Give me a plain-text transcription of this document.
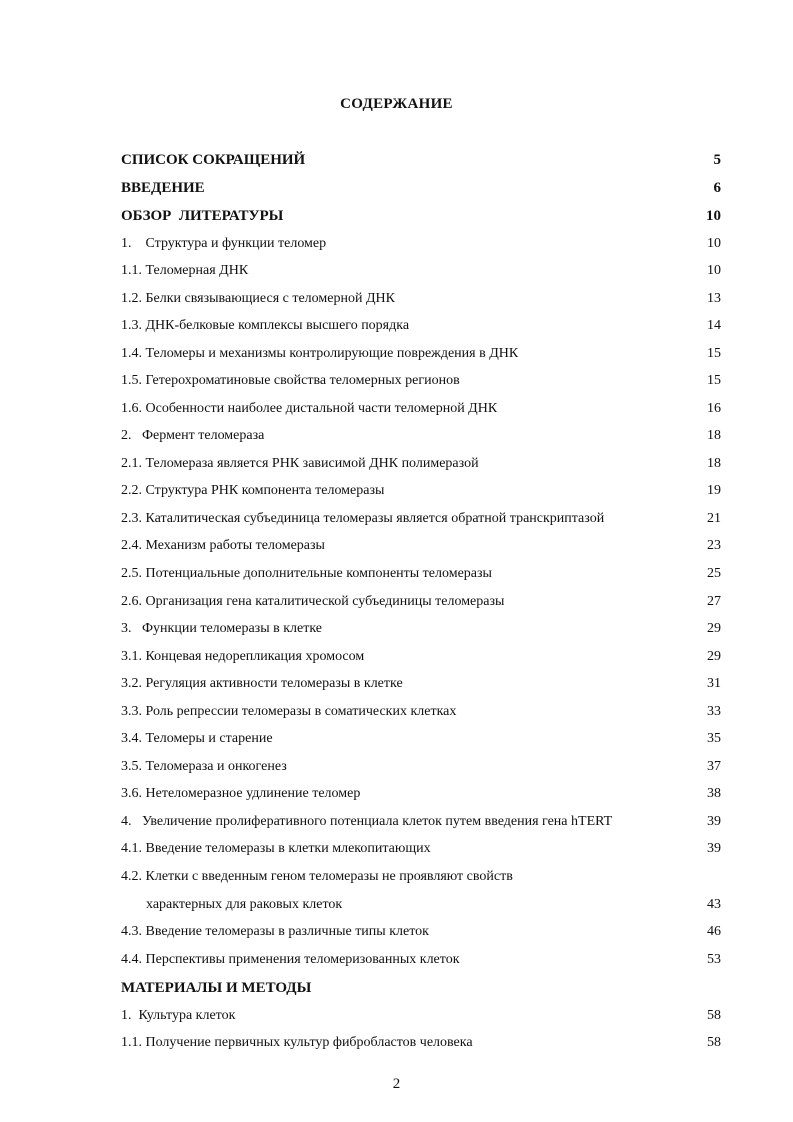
СОДЕРЖАНИЕ
СПИСОК СОКРАЩЕНИЙ	5
ВВЕДЕНИЕ	6
ОБЗОР  ЛИТЕРАТУРЫ	10
1.    Структура и функции теломер	10
1.1. Теломерная ДНК	10
1.2. Белки связывающиеся с теломерной ДНК	13
1.3. ДНК-белковые комплексы высшего порядка	14
1.4. Теломеры и механизмы контролирующие повреждения в ДНК	15
1.5. Гетерохроматиновые свойства теломерных регионов	15
1.6. Особенности наиболее дистальной части теломерной ДНК	16
2.   Фермент теломераза	18
2.1. Теломераза является РНК зависимой ДНК полимеразой	18
2.2. Структура РНК компонента теломеразы	19
2.3. Каталитическая субъединица теломеразы является обратной транскриптазой	21
2.4. Механизм работы теломеразы	23
2.5. Потенциальные дополнительные компоненты теломеразы	25
2.6. Организация гена каталитической субъединицы теломеразы	27
3.   Функции теломеразы в клетке	29
3.1. Концевая недорепликация хромосом	29
3.2. Регуляция активности теломеразы в клетке	31
3.3. Роль репрессии теломеразы в соматических клетках	33
3.4. Теломеры и старение	35
3.5. Теломераза и онкогенез	37
3.6. Нетеломеразное удлинение теломер	38
4.   Увеличение пролиферативного потенциала клеток путем введения гена hTERT	39
4.1. Введение теломеразы в клетки млекопитающих	39
4.2. Клетки с введенным геном теломеразы не проявляют свойств
характерных для раковых клеток	43
4.3. Введение теломеразы в различные типы клеток	46
4.4. Перспективы применения теломеризованных клеток	53
МАТЕРИАЛЫ И МЕТОДЫ
1.  Культура клеток	58
1.1. Получение первичных культур фибробластов человека	58
2
